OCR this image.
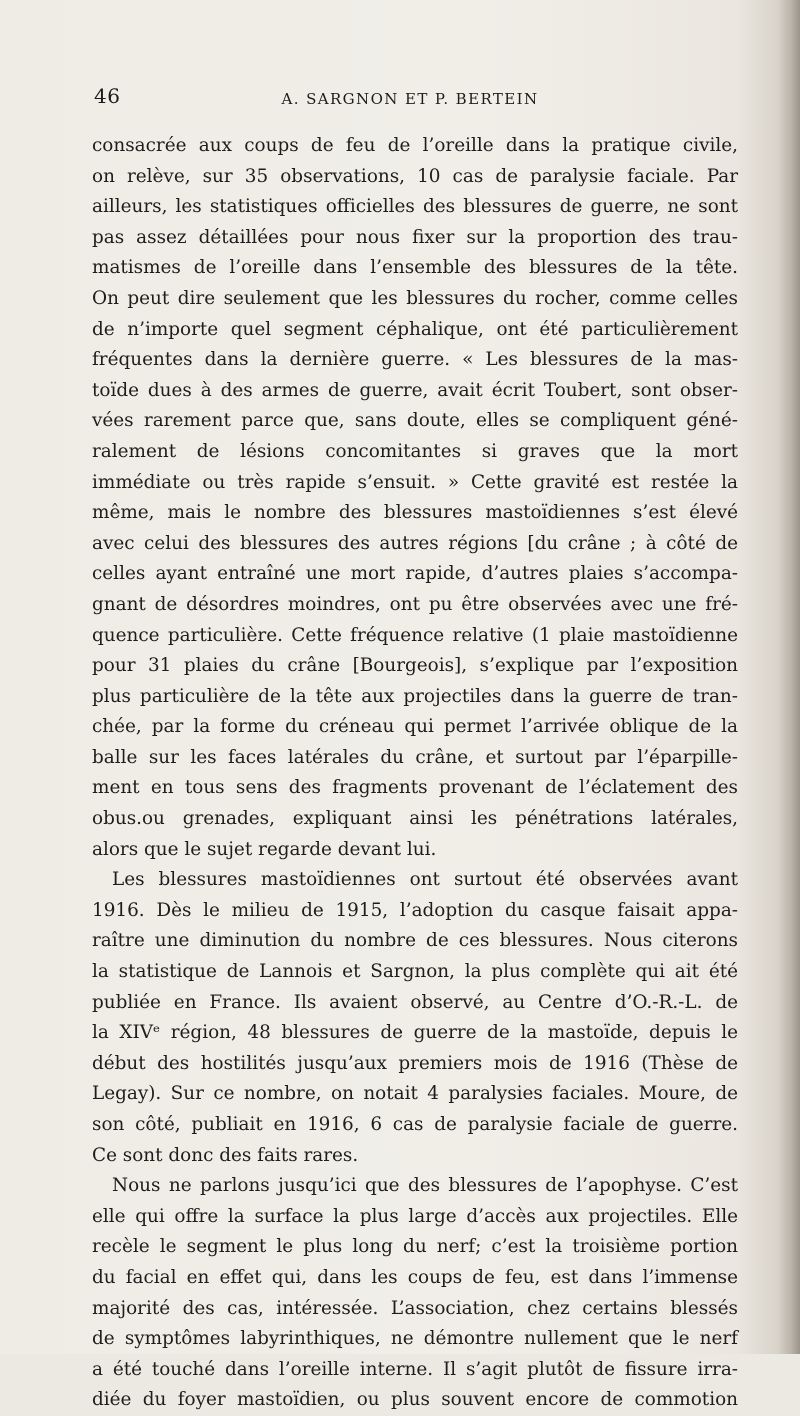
46	A. SARGNON ET P. BERTEIN
consacrée aux coups de feu de l’oreille dans la pratique civile,
on relève, sur 35 observations, 10 cas de paralysie faciale. Par
ailleurs, les statistiques officielles des blessures de guerre, ne sont
pas assez détaillées pour nous fixer sur la proportion des trau-
matismes de l’oreille dans l’ensemble des blessures de la tête.
On peut dire seulement que les blessures du rocher, comme celles
de n’importe quel segment céphalique, ont été particulièrement
fréquentes dans la dernière guerre. « Les blessures de la mas-
toïde dues à des armes de guerre, avait écrit Toubert, sont obser-
vées rarement parce que, sans doute, elles se compliquent géné-
ralement de lésions concomitantes si graves que la mort
immédiate ou très rapide s’ensuit. » Cette gravité est restée la
même, mais le nombre des blessures mastoïdiennes s’est élevé
avec celui des blessures des autres régions [du crâne ; à côté de
celles ayant entraîné une mort rapide, d’autres plaies s’accompa-
gnant de désordres moindres, ont pu être observées avec une fré-
quence particulière. Cette fréquence relative (1 plaie mastoïdienne
pour 31 plaies du crâne [Bourgeois], s’explique par l’exposition
plus particulière de la tête aux projectiles dans la guerre de tran-
chée, par la forme du créneau qui permet l’arrivée oblique de la
balle sur les faces latérales du crâne, et surtout par l’éparpille-
ment en tous sens des fragments provenant de l’éclatement des
obus.ou grenades, expliquant ainsi les pénétrations latérales,
alors que le sujet regarde devant lui.
Les blessures mastoïdiennes ont surtout été observées avant
1916. Dès le milieu de 1915, l’adoption du casque faisait appa-
raître une diminution du nombre de ces blessures. Nous citerons
la statistique de Lannois et Sargnon, la plus complète qui ait été
publiée en France. Ils avaient observé, au Centre d’O.-R.-L. de
la XIVᵉ région, 48 blessures de guerre de la mastoïde, depuis le
début des hostilités jusqu’aux premiers mois de 1916 (Thèse de
Legay). Sur ce nombre, on notait 4 paralysies faciales. Moure, de
son côté, publiait en 1916, 6 cas de paralysie faciale de guerre.
Ce sont donc des faits rares.
Nous ne parlons jusqu’ici que des blessures de l’apophyse. C’est
elle qui offre la surface la plus large d’accès aux projectiles. Elle
recèle le segment le plus long du nerf; c’est la troisième portion
du facial en effet qui, dans les coups de feu, est dans l’immense
majorité des cas, intéressée. L’association, chez certains blessés
de symptômes labyrinthiques, ne démontre nullement que le nerf
a été touché dans l’oreille interne. Il s’agit plutôt de fissure irra-
diée du foyer mastoïdien, ou plus souvent encore de commotion
